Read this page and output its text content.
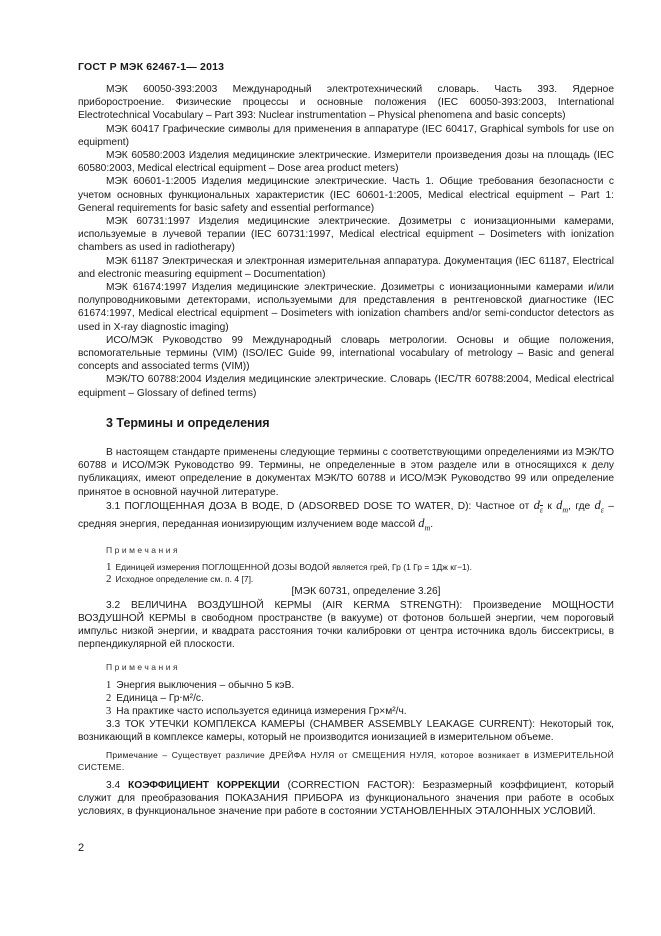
ГОСТ Р МЭК 62467-1— 2013

МЭК 60050-393:2003 Международный электротехнический словарь. Часть 393. Ядерное приборостроение. Физические процессы и основные положения (IEC 60050-393:2003, International Electrotechnical Vocabulary – Part 393: Nuclear instrumentation – Physical phenomena and basic concepts)

МЭК 60417 Графические символы для применения в аппаратуре (IEC 60417, Graphical symbols for use on equipment)

МЭК 60580:2003 Изделия медицинские электрические. Измерители произведения дозы на площадь (IEC 60580:2003, Medical electrical equipment – Dose area product meters)

МЭК 60601-1:2005 Изделия медицинские электрические. Часть 1. Общие требования безопасности с учетом основных функциональных характеристик (IEC 60601-1:2005, Medical electrical equipment – Part 1: General requirements for basic safety and essential performance)

МЭК 60731:1997 Изделия медицинские электрические. Дозиметры с ионизационными камерами, используемые в лучевой терапии (IEC 60731:1997, Medical electrical equipment – Dosimeters with ionization chambers as used in radiotherapy)

МЭК 61187 Электрическая и электронная измерительная аппаратура. Документация (IEC 61187, Electrical and electronic measuring equipment – Documentation)

МЭК 61674:1997 Изделия медицинские электрические. Дозиметры с ионизационными камерами и/или полупроводниковыми детекторами, используемыми для представления в рентгеновской диагностике (IEC 61674:1997, Medical electrical equipment – Dosimeters with ionization chambers and/or semi-conductor detectors as used in X-ray diagnostic imaging)

ИСО/МЭК Руководство 99 Международный словарь метрологии. Основы и общие положения, вспомогательные термины (VIM) (ISO/IEC Guide 99, international vocabulary of metrology – Basic and general concepts and associated terms (VIM))

МЭК/ТО 60788:2004 Изделия медицинские электрические. Словарь (IEC/TR 60788:2004, Medical electrical equipment – Glossary of defined terms)

3 Термины и определения

В настоящем стандарте применены следующие термины с соответствующими определениями из МЭК/ТО 60788 и ИСО/МЭК Руководство 99. Термины, не определенные в этом разделе или в относящихся к делу публикациях, имеют определение в документах МЭК/ТО 60788 и ИСО/МЭК Руководство 99 или определение принятое в основной научной литературе.

3.1 ПОГЛОЩЕННАЯ ДОЗА В ВОДЕ, D (ADSORBED DOSE TO WATER, D): Частное от $d_{\overline{\varepsilon}}$ к $d_m$, где $d_\varepsilon$ – средняя энергия, переданная ионизирующим излучением воде массой $d_m$.

Примечания

1 Единицей измерения ПОГЛОЩЕННОЙ ДОЗЫ ВОДОЙ является грей, Гр (1 Гр = 1Дж кг−1).

2 Исходное определение см. п. 4 [7].

[МЭК 60731, определение 3.26]

3.2 ВЕЛИЧИНА ВОЗДУШНОЙ КЕРМЫ (AIR KERMA STRENGTH): Произведение МОЩНОСТИ ВОЗДУШНОЙ КЕРМЫ в свободном пространстве (в вакууме) от фотонов большей энергии, чем пороговый импульс низкой энергии, и квадрата расстояния точки калибровки от центра источника вдоль биссектрисы, в перпендикулярной ей плоскости.

Примечания

1 Энергия выключения – обычно 5 кэВ.

2 Единица – Гр⋅м²/с.

3 На практике часто используется единица измерения Гр×м²/ч.

3.3 ТОК УТЕЧКИ КОМПЛЕКСА КАМЕРЫ (CHAMBER ASSEMBLY LEAKAGE CURRENT): Некоторый ток, возникающий в комплексе камеры, который не производится ионизацией в измерительном объеме.

Примечание – Существует различие ДРЕЙФА НУЛЯ от СМЕЩЕНИЯ НУЛЯ, которое возникает в ИЗМЕРИТЕЛЬНОЙ СИСТЕМЕ.

3.4 КОЭФФИЦИЕНТ КОРРЕКЦИИ (CORRECTION FACTOR): Безразмерный коэффициент, который служит для преобразования ПОКАЗАНИЯ ПРИБОРА из функционального значения при работе в особых условиях, в функциональное значение при работе в состоянии УСТАНОВЛЕННЫХ ЭТАЛОННЫХ УСЛОВИЙ.

2
